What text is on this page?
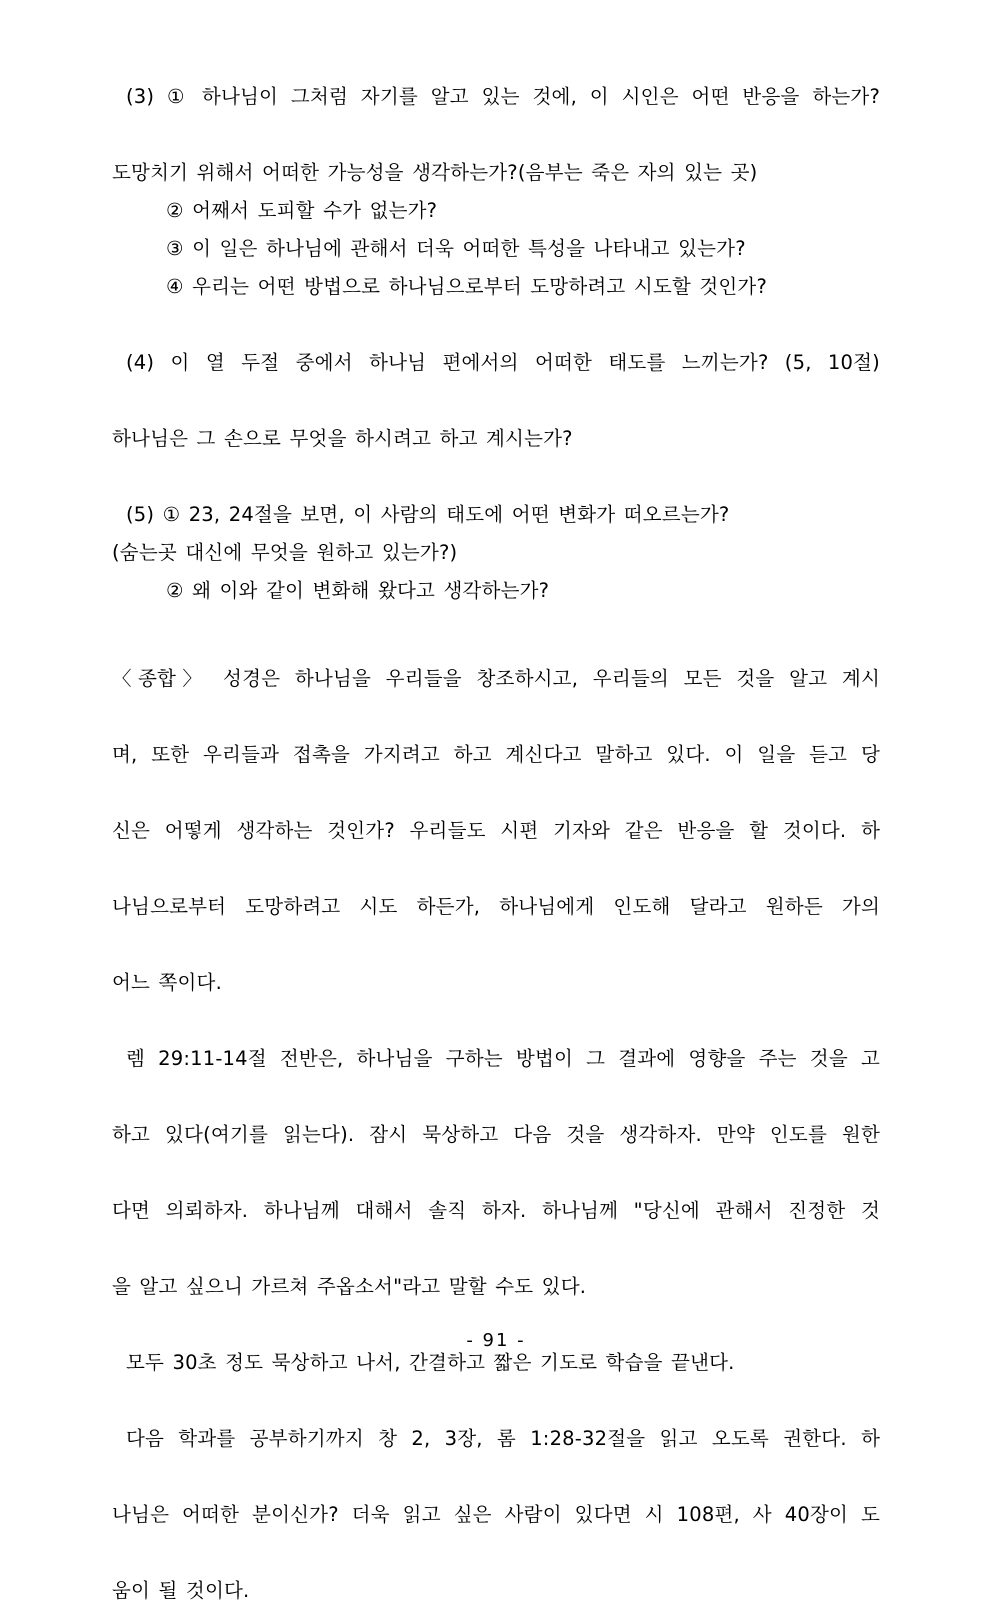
(3) ① 하나님이 그처럼 자기를 알고 있는 것에, 이 시인은 어떤 반응을 하는가?

도망치기 위해서 어떠한 가능성을 생각하는가?(음부는 죽은 자의 있는 곳)

② 어째서 도피할 수가 없는가?

③ 이 일은 하나님에 관해서 더욱 어떠한 특성을 나타내고 있는가?

④ 우리는 어떤 방법으로 하나님으로부터 도망하려고 시도할 것인가?

(4) 이 열 두절 중에서 하나님 편에서의 어떠한 태도를 느끼는가? (5, 10절)

하나님은 그 손으로 무엇을 하시려고 하고 계시는가?

(5) ① 23, 24절을 보면, 이 사람의 태도에 어떤 변화가 떠오르는가?

(숨는곳 대신에 무엇을 원하고 있는가?)

② 왜 이와 같이 변화해 왔다고 생각하는가?

〈종합〉 성경은 하나님을 우리들을 창조하시고, 우리들의 모든 것을 알고 계시

며, 또한 우리들과 접촉을 가지려고 하고 계신다고 말하고 있다. 이 일을 듣고 당

신은 어떻게 생각하는 것인가? 우리들도 시편 기자와 같은 반응을 할 것이다. 하

나님으로부터 도망하려고 시도 하든가, 하나님에게 인도해 달라고 원하든 가의

어느 쪽이다.

렘 29:11-14절 전반은, 하나님을 구하는 방법이 그 결과에 영향을 주는 것을 고

하고 있다(여기를 읽는다). 잠시 묵상하고 다음 것을 생각하자. 만약 인도를 원한

다면 의뢰하자. 하나님께 대해서 솔직 하자. 하나님께 "당신에 관해서 진정한 것

을 알고 싶으니 가르쳐 주옵소서"라고 말할 수도 있다.

모두 30초 정도 묵상하고 나서, 간결하고 짧은 기도로 학습을 끝낸다.

다음 학과를 공부하기까지 창 2, 3장, 롬 1:28-32절을 읽고 오도록 권한다. 하

나님은 어떠한 분이신가? 더욱 읽고 싶은 사람이 있다면 시 108편, 사 40장이 도

움이 될 것이다.

- 91 -
